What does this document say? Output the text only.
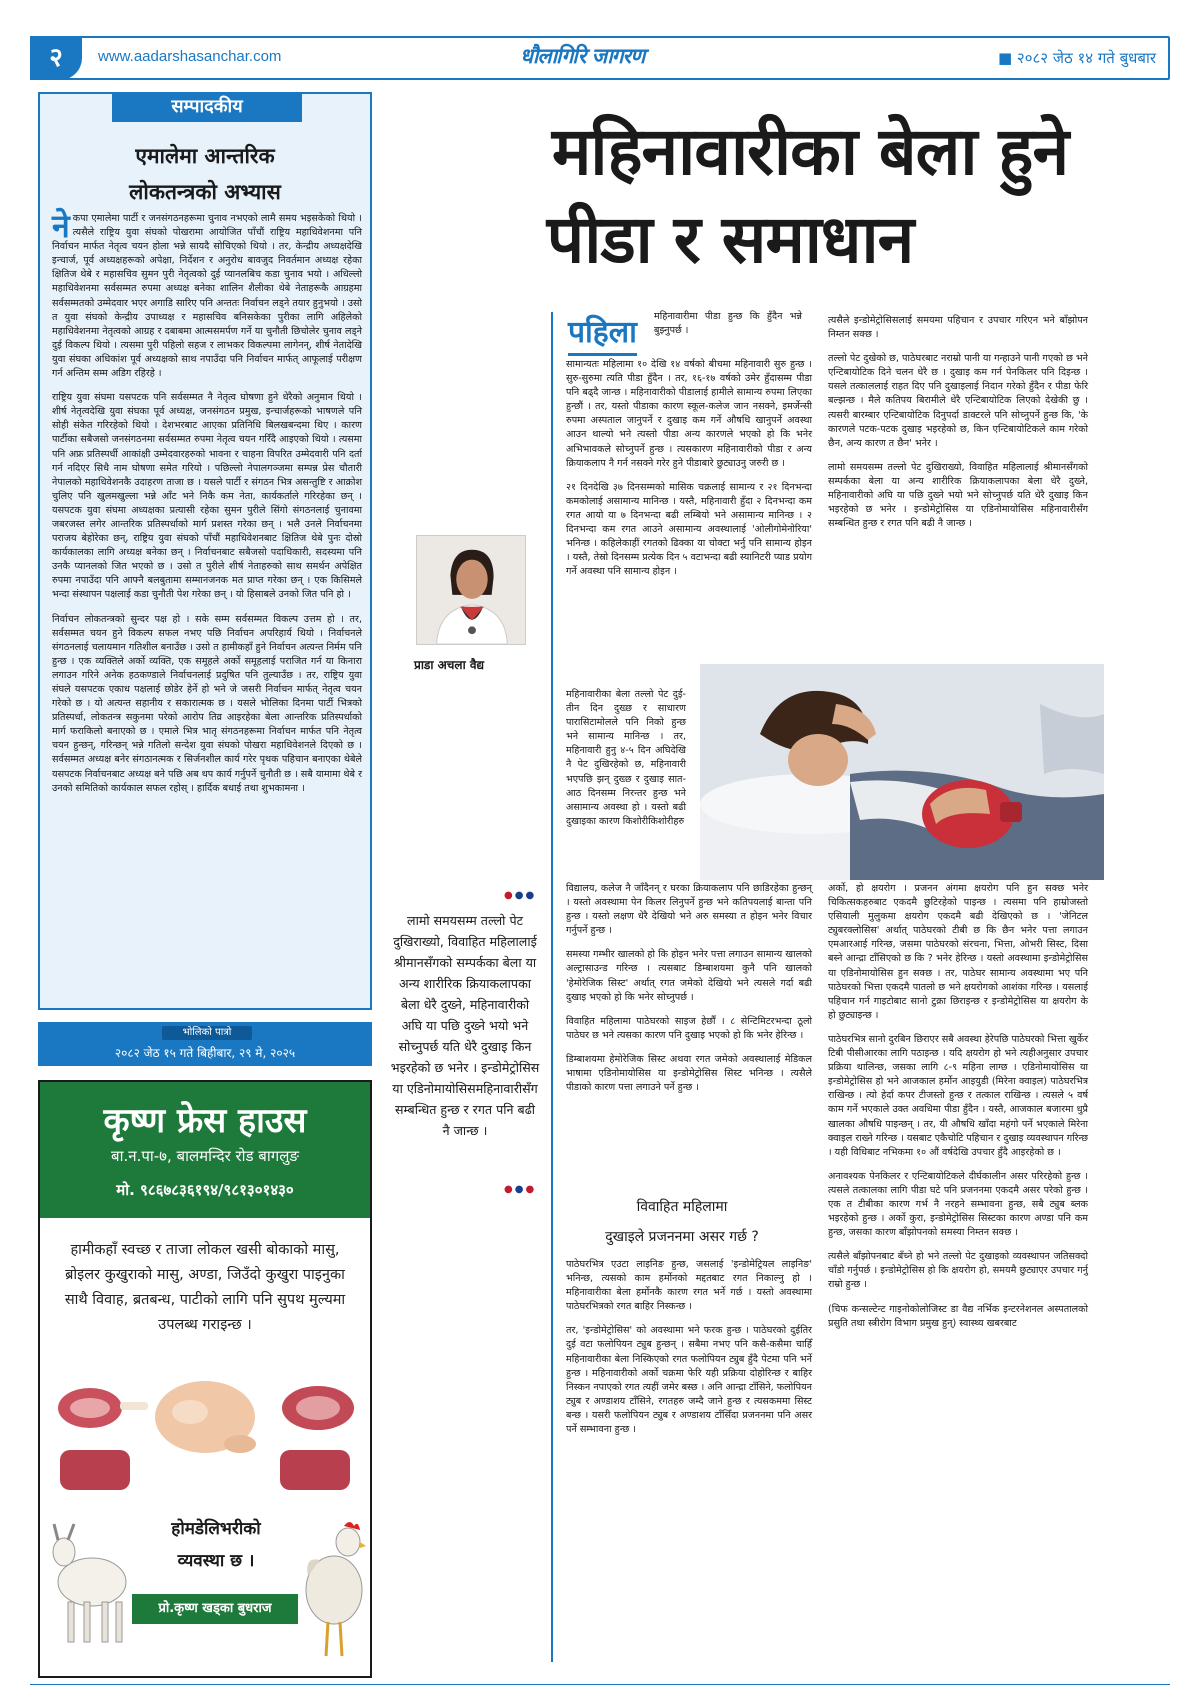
२	www.aadarshasanchar.com	धौलागिरि जागरण	■ २०८२ जेठ १४ गते बुधबार
सम्पादकीय
एमालेमा आन्तरिक
लोकतन्त्रको अभ्यास

नेकपा एमालेमा पार्टी र जनसंगठनहरूमा चुनाव नभएको लामै समय भइसकेको थियो । त्यसैले राष्ट्रिय युवा संघको पोखरामा आयोजित पाँचौं राष्ट्रिय महाधिवेशनमा पनि निर्वाचन मार्फत नेतृत्व चयन होला भन्ने सायदै सोचिएको थियो । तर, केन्द्रीय अध्यक्षदेखि इन्चार्ज, पूर्व अध्यक्षहरूको अपेक्षा, निर्देशन र अनुरोध बावजुद निवर्तमान अध्यक्ष रहेका क्षितिज थेबे र महासचिव सुमन पुरी नेतृत्वको दुई प्यानलबिच कडा चुनाव भयो । अधिल्लो महाधिवेशनमा सर्वसम्मत रुपमा अध्यक्ष बनेका शालिन शैलीका थेबे नेताहरूकै आग्रहमा सर्वसम्मतको उम्मेदवार भएर अगाडि सारिए पनि अन्ततः निर्वाचन लड्ने तयार हुनुभयो । उसो त युवा संघको केन्द्रीय उपाध्यक्ष र महासचिव बनिसकेका पुरीका लागि अहिलेको महाधिवेशनमा नेतृत्वको आग्रह र दबाबमा आत्मसमर्पण गर्ने या चुनौती छिचोलेर चुनाव लड्ने दुई विकल्प थियो । त्यसमा पुरी पहिलो सहज र लाभकर विकल्पमा लागेनन्, शीर्ष नेतादेखि युवा संघका अधिकांश पूर्व अध्यक्षको साथ नपाउँदा पनि निर्वाचन मार्फत् आफूलाई परीक्षण गर्न अन्तिम सम्म अडिग रहिरहे ।

राष्ट्रिय युवा संघमा यसपटक पनि सर्वसम्मत नै नेतृत्व घोषणा हुने धेरैको अनुमान थियो । शीर्ष नेतृत्वदेखि युवा संघका पूर्व अध्यक्ष, जनसंगठन प्रमुख, इन्चार्जहरूको भाषणले पनि सोही संकेत गरिरहेको थियो । देशभरबाट आएका प्रतिनिधि बिलखबन्दमा थिए । कारण पार्टीका सबैजसो जनसंगठनमा सर्वसम्मत रुपमा नेतृत्व चयन गरिँदै आइएको थियो । त्यसमा पनि अफ्र प्रतिस्पर्धी आकांक्षी उम्मेदवारहरुको भावना र चाहना विपरित उम्मेदवारी पनि दर्ता गर्न नदिएर सिधै नाम घोषणा समेत गरियो । पछिल्लो नेपालगञ्जमा सम्पन्न प्रेस चौतारी नेपालको महाधिवेशनकै उदाहरण ताजा छ । यसले पार्टी र संगठन भित्र असन्तुष्टि र आक्रोश चुलिए पनि खुलमखुल्ला भन्ने आँट भने निकै कम नेता, कार्यकर्ताले गरिरहेका छन् । यसपटक युवा संघमा अध्यक्षका प्रत्यासी रहेका सुमन पुरीले सिंगो संगठनलाई चुनावमा जबरजस्त लगेर आन्तरिक प्रतिस्पर्धाको मार्ग प्रशस्त गरेका छन् । भलै उनले निर्वाचनमा पराजय बेहोरेका छन्, राष्ट्रिय युवा संघको पाँचौं महाधिवेशनबाट क्षितिज थेबे पुनः दोस्रो कार्यकालका लागि अध्यक्ष बनेका छन् । निर्वाचनबाट सबैजसो पदाधिकारी, सदस्यमा पनि उनकै प्यानलको जित भएको छ । उसो त पुरीले शीर्ष नेताहरुको साथ समर्थन अपेक्षित रुपमा नपाउँदा पनि आफ्नै बलबुतामा सम्मानजनक मत प्राप्त गरेका छन् । एक किसिमले भन्दा संस्थापन पक्षलाई कडा चुनौती पेश गरेका छन् । यो हिसाबले उनको जित पनि हो ।

निर्वाचन लोकतन्त्रको सुन्दर पक्ष हो । सके सम्म सर्वसम्मत विकल्प उत्तम हो । तर, सर्वसम्मत चयन हुने विकल्प सफल नभए पछि निर्वाचन अपरिहार्य थियो । निर्वाचनले संगठनलाई चलायमान गतिशील बनाउँछ । उसो त हामीकहाँ हुने निर्वाचन अत्यन्त निर्मम पनि हुन्छ । एक व्यक्तिले अर्को व्यक्ति, एक समूहले अर्को समूहलाई पराजित गर्न या किनारा लगाउन गरिने अनेक हठकण्डाले निर्वाचनलाई प्रदुषित पनि तुल्याउँछ । तर, राष्ट्रिय युवा संघले यसपटक एकाध पक्षलाई छोडेर हेर्ने हो भने जे जसरी निर्वाचन मार्फत् नेतृत्व चयन गरेको छ । यो अत्यन्त सहानीय र सकारात्मक छ । यसले भोलिका दिनमा पार्टी भित्रको प्रतिस्पर्धा, लोकतन्त्र सकुनमा परेको आरोप तिव्र आइरहेका बेला आन्तरिक प्रतिस्पर्धाको मार्ग फराकिलो बनाएको छ । एमाले भित्र भातृ संगठनहरूमा निर्वाचन मार्फत पनि नेतृत्व चयन हुन्छन्, गरिन्छन् भन्ने गतिलो सन्देश युवा संघको पोखरा महाधिवेशनले दिएको छ । सर्वसम्मत अध्यक्ष बनेर संगठानत्मक र सिर्जनशील कार्य गरेर पृथक पहिचान बनाएका थेबेले यसपटक निर्वाचनबाट अध्यक्ष बने पछि अब थप कार्य गर्नुपर्ने चुनौती छ । सबै यामामा थेबे र उनको समितिको कार्यकाल सफल रहोस् । हार्दिक बधाई तथा शुभकामना ।

भोलिको पात्रो
२०८२ जेठ १५ गते बिहीबार, २९ मे, २०२५
कृष्ण फ्रेस हाउस
बा.न.पा-७, बालमन्दिर रोड बागलुङ
मो. ९८६७८३६१९४/९८१३०१४३०
हामीकहाँ स्वच्छ र ताजा लोकल खसी बोकाको मासु, ब्रोइलर कुखुराको मासु, अण्डा, जिउँदो कुखुरा पाइनुका साथै विवाह, ब्रतबन्ध, पाटीको लागि पनि सुपथ मुल्यमा उपलब्ध गराइन्छ ।
होमडेलिभरीको
व्यवस्था छ ।
प्रो.कृष्ण खड्का बुधराज
महिनावारीका बेला हुने
पीडा र समाधान
पहिला महिनावारीमा पीडा हुन्छ कि हुँदैन भन्ने बुझ्नुपर्छ ।

सामान्यतः महिलामा १० देखि १४ वर्षको बीचमा महिनावारी सुरु हुन्छ । सुरु-सुरुमा त्यति पीडा हुँदैन । तर, १६-१७ वर्षको उमेर हुँदासम्म पीडा पनि बढ्दै जान्छ । महिनावारीको पीडालाई हामीले सामान्य रुपमा लिएका हुन्छौं । तर, यस्तो पीडाका कारण स्कूल-कलेज जान नसक्ने, इमर्जेन्सी रुपमा अस्पताल जानुपर्ने र दुखाइ कम गर्ने औषधि खानुपर्ने अवस्था आउन थाल्यो भने त्यस्तो पीडा अन्य कारणले भएको हो कि भनेर अभिभावकले सोच्नुपर्ने हुन्छ । त्यसकारण महिनावारीको पीडा र अन्य क्रियाकलाप नै गर्न नसक्ने गरेर हुने पीडाबारे छुट्याउनु जरुरी छ ।

२१ दिनदेखि ३७ दिनसम्मको मासिक चक्रलाई सामान्य र २१ दिनभन्दा कमकोलाई असामान्य मानिन्छ । यस्तै, महिनावारी हुँदा २ दिनभन्दा कम रगत आयो या ७ दिनभन्दा बढी लम्बियो भने असामान्य मानिन्छ । २ दिनभन्दा कम रगत आउने असामान्य अवस्थालाई 'ओलीगोमेनोरिया' भनिन्छ । कहिलेकाहीं रगतको ढिक्का या चोक्टा भर्नु पनि सामान्य होइन । यस्तै, तेस्रो दिनसम्म प्रत्येक दिन ५ वटाभन्दा बढी स्यानिटरी प्याड प्रयोग गर्ने अवस्था पनि सामान्य होइन ।

महिनावारीका बेला तल्लो पेट दुई-तीन दिन दुख्छ र साधारण पारासिटामोलले पनि निको हुन्छ भने सामान्य मानिन्छ । तर, महिनावारी हुनु ४-५ दिन अघिदेखि नै पेट दुखिरहेको छ, महिनावारी भएपछि झन् दुख्छ र दुखाइ सात-आठ दिनसम्म निरन्तर हुन्छ भने असामान्य अवस्था हो । यस्तो बढी दुखाइका कारण किशोरीकिशोरीहरु

विद्यालय, कलेज नै जाँदैनन् र घरका क्रियाकलाप पनि छाडिरहेका हुन्छन् । यस्तो अवस्थामा पेन किलर लिनुपर्ने हुन्छ भने कतिपयलाई बान्ता पनि हुन्छ । यस्तो लक्षण धेरै देखियो भने अरु समस्या त होइन भनेर विचार गर्नुपर्ने हुन्छ ।

समस्या गम्भीर खालको हो कि होइन भनेर पत्ता लगाउन सामान्य खालको अल्ट्रासाउन्ड गरिन्छ । त्यसबाट डिम्बाशयमा कुनै पनि खालको 'हेमोरेजिक सिस्ट' अर्थात् रगत जमेको देखियो भने त्यसले गर्दा बढी दुखाइ भएको हो कि भनेर सोच्नुपर्छ ।

विवाहित महिलामा पाठेघरको साइज हेर्छौं । ८ सेन्टिमिटरभन्दा ठूलो पाठेघर छ भने त्यसका कारण पनि दुखाइ भएको हो कि भनेर हेरिन्छ ।

डिम्बाशयमा हेमोरेजिक सिस्ट अथवा रगत जमेको अवस्थालाई मेडिकल भाषामा एडिनोमायोसिस या इन्डोमेट्रोसिस सिस्ट भनिन्छ । त्यसैले पीडाको कारण पत्ता लगाउने पर्ने हुन्छ ।

विवाहित महिलामा
दुखाइले प्रजननमा असर गर्छ ?

पाठेघरभित्र एउटा लाइनिङ हुन्छ, जसलाई 'इन्डोमेट्रियल लाइनिङ' भनिन्छ, त्यसको काम हर्मोनको मद्दतबाट रगत निकाल्नु हो । महिनावारीका बेला हर्मोनकै कारण रगत भर्ने गर्छ । यस्तो अवस्थामा पाठेघरभित्रको रगत बाहिर निस्कन्छ ।

तर, 'इन्डोमेट्रोसिस' को अवस्थामा भने फरक हुन्छ । पाठेघरको दुईतिर दुई वटा फलोपियन ट्युब हुन्छन् । सबैमा नभए पनि कसै-कसैमा चाहिँ महिनावारीका बेला निस्किएको रगत फलोपियन ट्युब हुँदै पेटमा पनि भर्ने हुन्छ । महिनावारीको अर्को चक्रमा फेरि यही प्रक्रिया दोहोरिन्छ र बाहिर निस्कन नपाएको रगत त्यहीं जमेर बस्छ । अनि आन्द्रा टाँसिने, फलोपियन ट्युब र अण्डाशय टाँसिने, रगतहरु जम्दै जाने हुन्छ र त्यसकममा सिस्ट बन्छ । यसरी फलोपियन ट्युब र अण्डाशय टाँसिँदा प्रजननमा पनि असर पर्ने सम्भावना हुन्छ ।

त्यसैले इन्डोमेट्रोसिसलाई समयमा पहिचान र उपचार गरिएन भने बाँझोपन निम्तन सक्छ ।

तल्लो पेट दुखेको छ, पाठेघरबाट नराम्रो पानी या गन्हाउने पानी गएको छ भने एन्टिबायोटिक दिने चलन धेरै छ । दुखाइ कम गर्न पेनकिलर पनि दिइन्छ । यसले तत्काललाई राहत दिए पनि दुखाइलाई निदान गरेको हुँदैन र पीडा फेरि बल्झन्छ । मैले कतिपय बिरामीले धेरै एन्टिबायोटिक लिएको देखेकी छु । त्यसरी बारम्बार एन्टिबायोटिक दिनुपर्दा डाक्टरले पनि सोच्नुपर्ने हुन्छ कि, 'के कारणले पटक-पटक दुखाइ भइरहेको छ, किन एन्टिबायोटिकले काम गरेको छैन, अन्य कारण त छैन' भनेर ।

लामो समयसम्म तल्लो पेट दुखिराख्यो, विवाहित महिलालाई श्रीमानसँगको सम्पर्कका बेला या अन्य शारीरिक क्रियाकलापका बेला धेरै दुख्ने, महिनावारीको अघि या पछि दुख्ने भयो भने सोच्नुपर्छ यति धेरै दुखाइ किन भइरहेको छ भनेर । इन्डोमेट्रोसिस या एडिनोमायोसिस महिनावारीसँग सम्बन्धित हुन्छ र रगत पनि बढी नै जान्छ ।

अर्को, हो क्षयरोग । प्रजनन अंगमा क्षयरोग पनि हुन सक्छ भनेर चिकित्सकहरुबाट एकदमै छुटिरहेको पाइन्छ । त्यसमा पनि हाम्रोजस्तो एसियाली मुलुकमा क्षयरोग एकदमै बढी देखिएको छ । 'जेनिटल ट्युबरक्लोसिस' अर्थात् पाठेघरको टीबी छ कि छैन भनेर पत्ता लगाउन एमआरआई गरिन्छ, जसमा पाठेघरको संरचना, भित्ता, ओभरी सिस्ट, दिसा बस्ने आन्द्रा टाँसिएको छ कि ? भनेर हेरिन्छ । यस्तो अवस्थामा इन्डोमेट्रोसिस या एडिनोमायोसिस हुन सक्छ । तर, पाठेघर सामान्य अवस्थामा भए पनि पाठेघरको भित्ता एकदमै पातलो छ भने क्षयरोगको आशंका गरिन्छ । यसलाई पहिचान गर्न गाइटोबाट सानो टुक्रा छिराइन्छ र इन्डोमेट्रोसिस या क्षयरोग के हो छुट्याइन्छ ।

पाठेघरभित्र सानो दुरबिन छिराएर सबै अवस्था हेरेपछि पाठेघरको भित्ता खुर्केर टिबी पीसीआरका लागि पठाइन्छ । यदि क्षयरोग हो भने त्यहीअनुसार उपचार प्रक्रिया थालिन्छ, जसका लागि ८-९ महिना लाग्छ । एडिनोमायोसिस या इन्डोमेट्रोसिस हो भने आजकाल हर्मोन आइयुडी (मिरेना क्वाइल) पाठेघरभित्र राखिन्छ । त्यो हेर्दा कपर टीजस्तो हुन्छ र तत्काल राखिन्छ । त्यसले ५ वर्ष काम गर्ने भएकाले उक्त अवधिमा पीडा हुँदैन । यस्तै, आजकाल बजारमा धुप्रै खालका औषधि पाइन्छन् । तर, यी औषधि खाँदा महंगो पर्ने भएकाले मिरेना क्वाइल राख्ने गरिन्छ । यसबाट एकैचोटि पहिचान र दुखाइ व्यवस्थापन गरिन्छ । यही विधिबाट नभिकमा १० औं वर्षदेखि उपचार हुँदै आइरहेको छ ।

अनावश्यक पेनकिलर र एन्टिबायोटिकले दीर्घकालीन असर परिरहेको हुन्छ । त्यसले तत्कालका लागि पीडा घटे पनि प्रजननमा एकदमै असर परेको हुन्छ । एक त टीबीका कारण गर्भ नै नरहने सम्भावना हुन्छ, सबै ट्युब ब्लक भइरहेको हुन्छ । अर्को कुरा, इन्डोमेट्रोसिस सिस्टका कारण अण्डा पनि कम हुन्छ, जसका कारण बाँझोपनको समस्या निम्तन सक्छ ।

त्यसैले बाँझोपनबाट बँच्ने हो भने तल्लो पेट दुखाइको व्यवस्थापन जतिसक्दो चाँडो गर्नुपर्छ । इन्डोमेट्रोसिस हो कि क्षयरोग हो, समयमै छुट्याएर उपचार गर्नु राम्रो हुन्छ ।

(चिफ कन्सल्टेन्ट गाइनोकोलोजिस्ट डा वैद्य नर्भिक इन्टरनेशनल अस्पतालको प्रसुति तथा स्त्रीरोग विभाग प्रमुख हुन्) स्वास्थ्य खबरबाट

प्राडा अचला वैद्य
●●●
लामो समयसम्म तल्लो पेट दुखिराख्यो, विवाहित महिलालाई श्रीमानसँगको सम्पर्कका बेला या अन्य शारीरिक क्रियाकलापका बेला धेरै दुख्ने, महिनावारीको अघि या पछि दुख्ने भयो भने सोच्नुपर्छ यति धेरै दुखाइ किन भइरहेको छ भनेर । इन्डोमेट्रोसिस या एडिनोमायोसिसमहिनावारीसँग सम्बन्धित हुन्छ र रगत पनि बढी नै जान्छ ।
●●●
